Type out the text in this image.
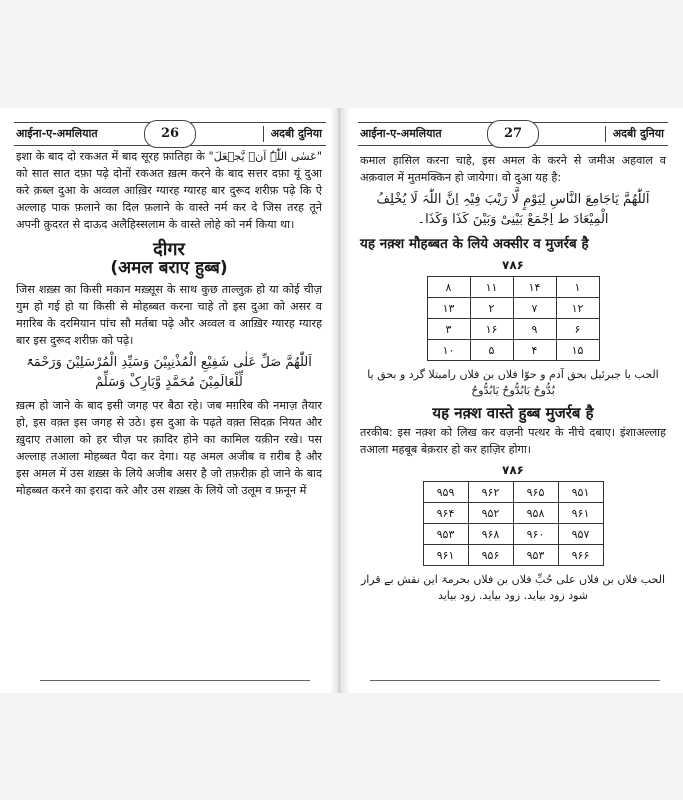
आईना-ए-अमलियात	26	अदबी दुनिया

इशा के बाद दो रकअत में बाद सूरह फ़ातिहा के "عَسٰی اللّٰہُ اَنۡ یَّجۡعَلَ" को सात सात दफ़ा पढ़े दोनों रकअत ख़त्म करने के बाद सत्तर दफ़ा यूं दुआ करे क़ब्ल दुआ के अव्वल आख़िर ग्यारह ग्यारह बार दुरूद शरीफ़ पढ़े कि ऐ अल्लाह पाक फ़लाने का दिल फ़लाने के वास्ते नर्म कर दे जिस तरह तूने अपनी क़ुदरत से दाऊद अलैहिस्सलाम के वास्ते लोहे को नर्म किया था।

दीगर
(अमल बराए हुब्ब)

जिस शख़्स का किसी मकान मख़्सूस के साथ कुछ ताल्लुक़ हो या कोई चीज़ गुम हो गई हो या किसी से मोहब्बत करना चाहे तो इस दुआ को असर व मग़रिब के दरमियान पांच सौ मर्तबा पढ़े और अव्वल व आख़िर ग्यारह ग्यारह बार इस दुरूद शरीफ़ को पढ़े।

اَللّٰھُمَّ صَلِّ عَلٰی شَفِیْعِ الْمُذْنِبِیْنَ وَسَیِّدِ الْمُرْسَلِیْنَ وَرَحْمَۃً لِّلْعَالَمِیْنَ مُحَمَّدٍ وَّبَارِکْ وَسَلِّمْ

ख़त्म हो जाने के बाद इसी जगह पर बैठा रहे। जब मग़रिब की नमाज़ तैयार हो, इस वक़्त इस जगह से उठे। इस दुआ के पढ़ते वक़्त सिदक़ नियत और ख़ुदाए तआला को हर चीज़ पर क़ादिर होने का कामिल यक़ीन रखे। पस अल्लाह तआला मोहब्बत पैदा कर देगा। यह अमल अजीब व ग़रीब है और इस अमल में उस शख़्स के लिये अजीब असर है जो तफ़रीक़ हो जाने के बाद मोहब्बत करने का इरादा करे और उस शख़्स के लिये जो उलूम व फ़नून में

आईना-ए-अमलियात	27	अदबी दुनिया

कमाल हासिल करना चाहे, इस अमल के करने से जमीअ अहवाल व अक़वाल में मुतमक्किन हो जायेगा। वो दुआ यह है:

اَللّٰھُمَّ یَاجَامِعَ النَّاسِ لِیَوْمٍ لَّا رَیْبَ فِیْہِ اِنَّ اللّٰہَ لَا یُخْلِفُ الْمِیْعَادَ ط اِجْمَعْ بَیْنِیْ وَبَیْنَ کَذَا وَکَذَا۔
यह नक़्श मौहब्बत के लिये अक्सीर व मुजर्रब है
۷۸۶
۸	۱۱	۱۴	۱
۱۳	۲	۷	۱۲
۳	۱۶	۹	۶
۱۰	۵	۴	۱۵
الحب یا جبرئیل بحق آدم و حوّا فلاں بن فلاں رامبتلا گرد و بحق یا بُدُّوحُ یَابُدُّوحُ یَابُدُّوحُ
यह नक़्श वास्ते हुब्ब मुजर्रब है

तरकीब: इस नक़्श को लिख कर वज़नी पत्थर के नीचे दबाए। इंशाअल्लाह तआला महबूब बेक़रार हो कर हाज़िर होगा।

۷۸۶
۹۵۹	۹۶۲	۹۶۵	۹۵۱
۹۶۴	۹۵۲	۹۵۸	۹۶۱
۹۵۳	۹۶۸	۹۶۰	۹۵۷
۹۶۱	۹۵۶	۹۵۳	۹۶۶
الحب فلاں بن فلاں علی حُبِّ فلاں بن فلاں بحرمۃ این نقش بے قرار شود زود بیاید. زود بیاید. زود بیاید
